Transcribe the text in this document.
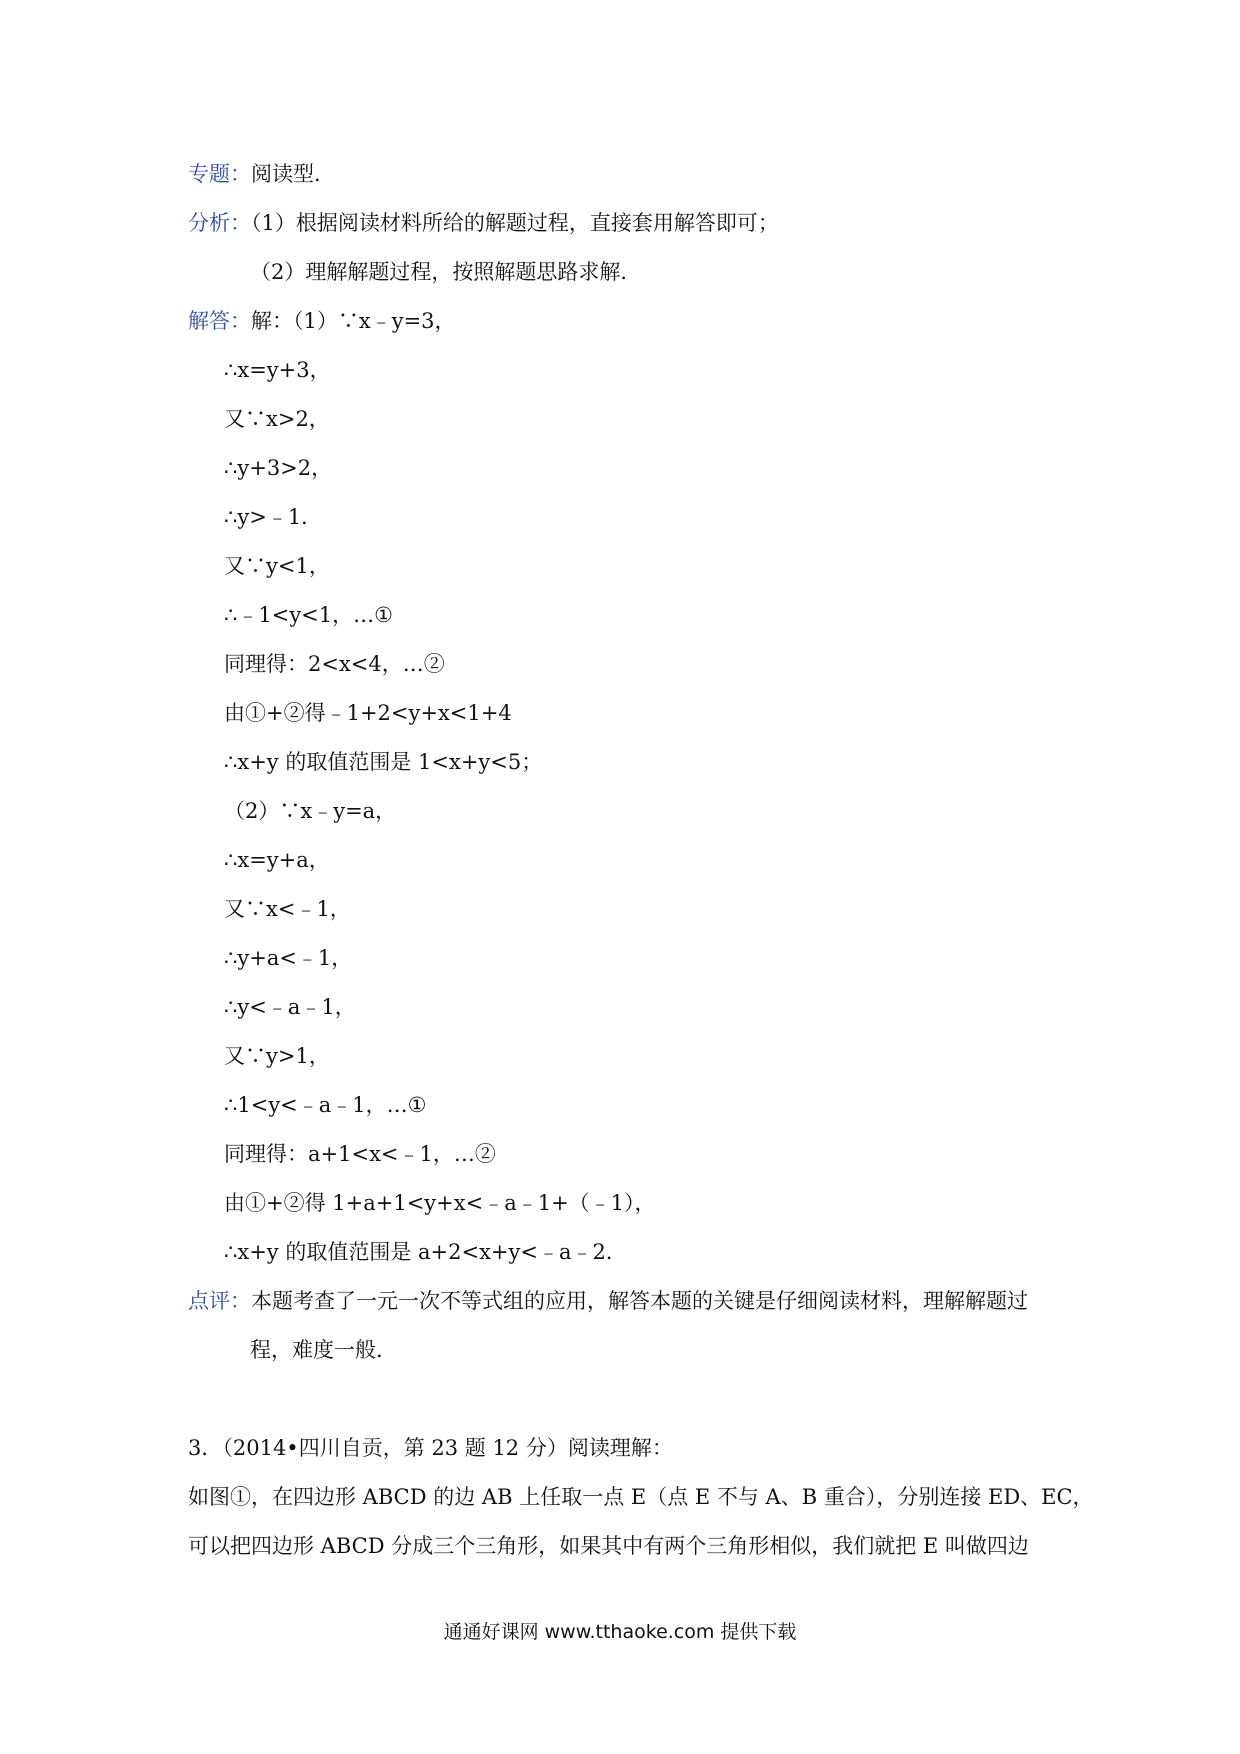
专题：阅读型．
分析：（1）根据阅读材料所给的解题过程，直接套用解答即可；
（2）理解解题过程，按照解题思路求解．
解答：解：（1）∵x﹣y=3，
∴x=y+3，
又∵x>2，
∴y+3>2，
∴y>﹣1．
又∵y<1，
∴﹣1<y<1，…①
同理得：2<x<4，…②
由①+②得﹣1+2<y+x<1+4
∴x+y 的取值范围是 1<x+y<5；
（2）∵x﹣y=a，
∴x=y+a，
又∵x<﹣1，
∴y+a<﹣1，
∴y<﹣a﹣1，
又∵y>1，
∴1<y<﹣a﹣1，…①
同理得：a+1<x<﹣1，…②
由①+②得 1+a+1<y+x<﹣a﹣1+（﹣1），
∴x+y 的取值范围是 a+2<x+y<﹣a﹣2．
点评：本题考查了一元一次不等式组的应用，解答本题的关键是仔细阅读材料，理解解题过
程，难度一般．
3．（2014•四川自贡，第 23 题 12 分）阅读理解：
如图①，在四边形 ABCD 的边 AB 上任取一点 E（点 E 不与 A、B 重合），分别连接 ED、EC，
可以把四边形 ABCD 分成三个三角形，如果其中有两个三角形相似，我们就把 E 叫做四边
通通好课网 www.tthaoke.com 提供下载
